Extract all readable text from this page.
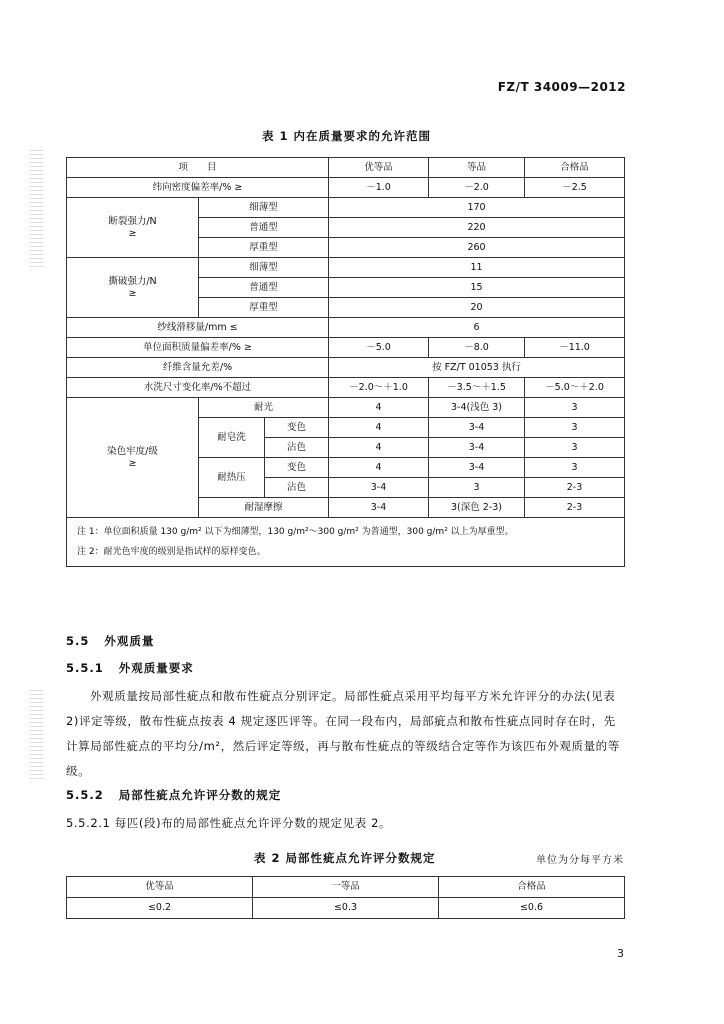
FZ/T 34009—2012
表 1 内在质量要求的允许范围
项　　目			优等品	等品	合格品
纬向密度偏差率/% ≥			－1.0	－2.0	－2.5
断裂强力/N
≥	细薄型		170		
	普通型		220		
	厚重型		260		
撕破强力/N
≥	细薄型		11		
	普通型		15		
	厚重型		20		
纱线滑移量/mm ≤			6		
单位面积质量偏差率/% ≥			－5.0	－8.0	－11.0
纤维含量允差/%			按 FZ/T 01053 执行		
水洗尺寸变化率/%不超过			－2.0～＋1.0	－3.5～＋1.5	－5.0～＋2.0
染色牢度/级
≥	耐光		4	3-4(浅色 3)	3
	耐皂洗	变色	4	3-4	3
		沾色	4	3-4	3
	耐热压	变色	4	3-4	3
		沾色	3-4	3	2-3
	耐湿摩擦		3-4	3(深色 2-3)	2-3

注 1：单位面积质量 130 g/m² 以下为细薄型，130 g/m²～300 g/m² 为普通型，300 g/m² 以上为厚重型。
注 2：耐光色牢度的级别是指试样的原样变色。					
5.5 外观质量
5.5.1 外观质量要求

外观质量按局部性疵点和散布性疵点分别评定。局部性疵点采用平均每平方米允许评分的办法(见表 2)评定等级，散布性疵点按表 4 规定逐匹评等。在同一段布内，局部疵点和散布性疵点同时存在时，先计算局部性疵点的平均分/m²，然后评定等级，再与散布性疵点的等级结合定等作为该匹布外观质量的等级。

5.5.2 局部性疵点允许评分数的规定
5.5.2.1 每匹(段)布的局部性疵点允许评分数的规定见表 2。
表 2 局部性疵点允许评分数规定	单位为分每平方米
优等品	一等品	合格品
≤0.2	≤0.3	≤0.6
3
